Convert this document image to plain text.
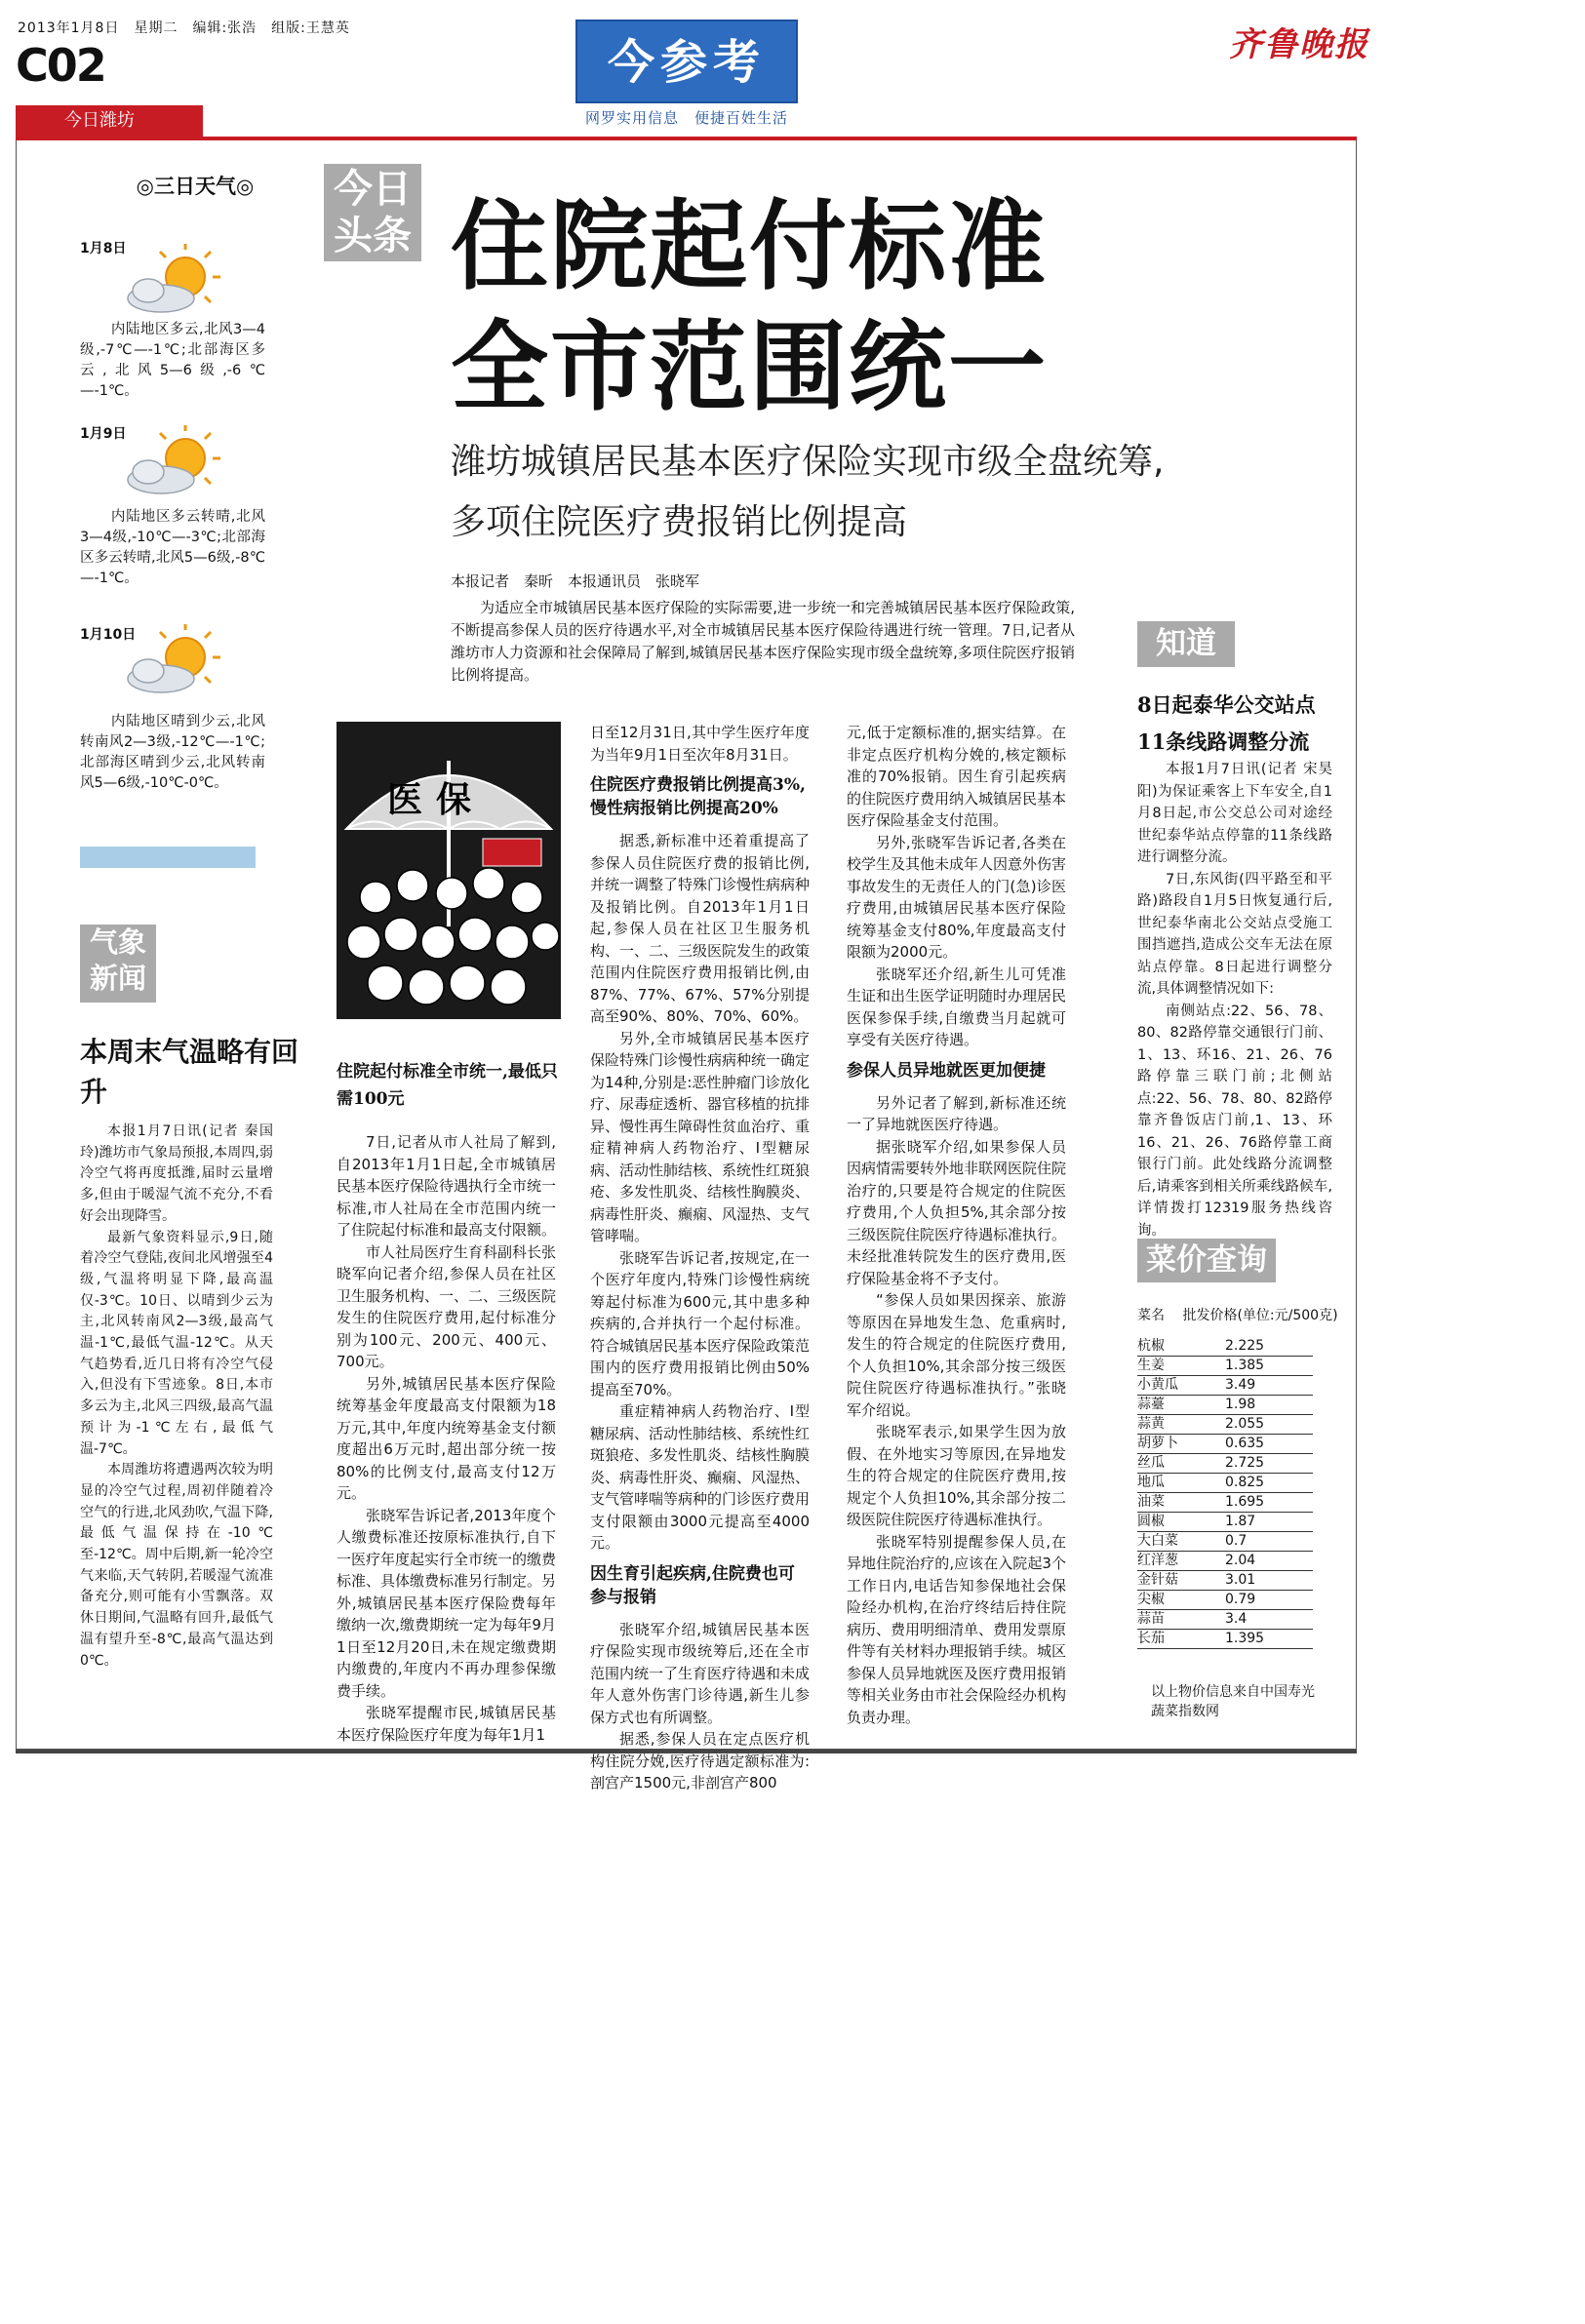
2013年1月8日　星期二　编辑:张浩　组版:王慧英
C02
今日潍坊
今参考
网罗实用信息　便捷百姓生活
齐鲁晚报
◎三日天气◎
1月8日
内陆地区多云,北风3—4级,-7℃—-1℃;北部海区多云,北风5—6级,-6℃—-1℃。
1月9日
内陆地区多云转晴,北风3—4级,-10℃—-3℃;北部海区多云转晴,北风5—6级,-8℃—-1℃。
1月10日
内陆地区晴到少云,北风转南风2—3级,-12℃—-1℃;北部海区晴到少云,北风转南风5—6级,-10℃-0℃。
气象新闻
本周末气温略有回升

本报1月7日讯(记者 秦国玲)潍坊市气象局预报,本周四,弱冷空气将再度抵潍,届时云量增多,但由于暖湿气流不充分,不看好会出现降雪。

最新气象资料显示,9日,随着冷空气登陆,夜间北风增强至4级,气温将明显下降,最高温仅-3℃。10日、以晴到少云为主,北风转南风2—3级,最高气温-1℃,最低气温-12℃。从天气趋势看,近几日将有冷空气侵入,但没有下雪迹象。8日,本市多云为主,北风三四级,最高气温预计为-1℃左右,最低气温-7℃。

本周潍坊将遭遇两次较为明显的冷空气过程,周初伴随着冷空气的行进,北风劲吹,气温下降,最低气温保持在-10℃至-12℃。周中后期,新一轮冷空气来临,天气转阴,若暖湿气流准备充分,则可能有小雪飘落。双休日期间,气温略有回升,最低气温有望升至-8℃,最高气温达到0℃。

今日头条 住院起付标准
全市范围统一
潍坊城镇居民基本医疗保险实现市级全盘统筹,
多项住院医疗费报销比例提高
本报记者　秦昕　本报通讯员　张晓军

为适应全市城镇居民基本医疗保险的实际需要,进一步统一和完善城镇居民基本医疗保险政策,不断提高参保人员的医疗待遇水平,对全市城镇居民基本医疗保险待遇进行统一管理。7日,记者从潍坊市人力资源和社会保障局了解到,城镇居民基本医疗保险实现市级全盘统筹,多项住院医疗报销比例将提高。

医保
住院起付标准全市统一,最低只需100元

7日,记者从市人社局了解到,自2013年1月1日起,全市城镇居民基本医疗保险待遇执行全市统一标准,市人社局在全市范围内统一了住院起付标准和最高支付限额。

市人社局医疗生育科副科长张晓军向记者介绍,参保人员在社区卫生服务机构、一、二、三级医院发生的住院医疗费用,起付标准分别为100元、200元、400元、700元。

另外,城镇居民基本医疗保险统筹基金年度最高支付限额为18万元,其中,年度内统筹基金支付额度超出6万元时,超出部分统一按80%的比例支付,最高支付12万元。

张晓军告诉记者,2013年度个人缴费标准还按原标准执行,自下一医疗年度起实行全市统一的缴费标准、具体缴费标准另行制定。另外,城镇居民基本医疗保险费每年缴纳一次,缴费期统一定为每年9月1日至12月20日,未在规定缴费期内缴费的,年度内不再办理参保缴费手续。

张晓军提醒市民,城镇居民基本医疗保险医疗年度为每年1月1

日至12月31日,其中学生医疗年度为当年9月1日至次年8月31日。

住院医疗费报销比例提高3%,慢性病报销比例提高20%

据悉,新标准中还着重提高了参保人员住院医疗费的报销比例,并统一调整了特殊门诊慢性病病种及报销比例。自2013年1月1日起,参保人员在社区卫生服务机构、一、二、三级医院发生的政策范围内住院医疗费用报销比例,由87%、77%、67%、57%分别提高至90%、80%、70%、60%。

另外,全市城镇居民基本医疗保险特殊门诊慢性病病种统一确定为14种,分别是:恶性肿瘤门诊放化疗、尿毒症透析、器官移植的抗排异、慢性再生障碍性贫血治疗、重症精神病人药物治疗、I型糖尿病、活动性肺结核、系统性红斑狼疮、多发性肌炎、结核性胸膜炎、病毒性肝炎、癫痫、风湿热、支气管哮喘。

张晓军告诉记者,按规定,在一个医疗年度内,特殊门诊慢性病统筹起付标准为600元,其中患多种疾病的,合并执行一个起付标准。符合城镇居民基本医疗保险政策范围内的医疗费用报销比例由50%提高至70%。

重症精神病人药物治疗、I型糖尿病、活动性肺结核、系统性红斑狼疮、多发性肌炎、结核性胸膜炎、病毒性肝炎、癫痫、风湿热、支气管哮喘等病种的门诊医疗费用支付限额由3000元提高至4000元。

因生育引起疾病,住院费也可参与报销

张晓军介绍,城镇居民基本医疗保险实现市级统筹后,还在全市范围内统一了生育医疗待遇和未成年人意外伤害门诊待遇,新生儿参保方式也有所调整。

据悉,参保人员在定点医疗机构住院分娩,医疗待遇定额标准为:剖宫产1500元,非剖宫产800

元,低于定额标准的,据实结算。在非定点医疗机构分娩的,核定额标准的70%报销。因生育引起疾病的住院医疗费用纳入城镇居民基本医疗保险基金支付范围。

另外,张晓军告诉记者,各类在校学生及其他未成年人因意外伤害事故发生的无责任人的门(急)诊医疗费用,由城镇居民基本医疗保险统筹基金支付80%,年度最高支付限额为2000元。

张晓军还介绍,新生儿可凭准生证和出生医学证明随时办理居民医保参保手续,自缴费当月起就可享受有关医疗待遇。

参保人员异地就医更加便捷

另外记者了解到,新标准还统一了异地就医医疗待遇。

据张晓军介绍,如果参保人员因病情需要转外地非联网医院住院治疗的,只要是符合规定的住院医疗费用,个人负担5%,其余部分按三级医院住院医疗待遇标准执行。未经批准转院发生的医疗费用,医疗保险基金将不予支付。

“参保人员如果因探亲、旅游等原因在异地发生急、危重病时,发生的符合规定的住院医疗费用,个人负担10%,其余部分按三级医院住院医疗待遇标准执行。”张晓军介绍说。

张晓军表示,如果学生因为放假、在外地实习等原因,在异地发生的符合规定的住院医疗费用,按规定个人负担10%,其余部分按二级医院住院医疗待遇标准执行。

张晓军特别提醒参保人员,在异地住院治疗的,应该在入院起3个工作日内,电话告知参保地社会保险经办机构,在治疗终结后持住院病历、费用明细清单、费用发票原件等有关材料办理报销手续。城区参保人员异地就医及医疗费用报销等相关业务由市社会保险经办机构负责办理。

知道
8日起泰华公交站点11条线路调整分流

本报1月7日讯(记者 宋昊阳)为保证乘客上下车安全,自1月8日起,市公交总公司对途经世纪泰华站点停靠的11条线路进行调整分流。

7日,东风街(四平路至和平路)路段自1月5日恢复通行后,世纪泰华南北公交站点受施工围挡遮挡,造成公交车无法在原站点停靠。8日起进行调整分流,具体调整情况如下:

南侧站点:22、56、78、80、82路停靠交通银行门前、1、13、环16、21、26、76路停靠三联门前;北侧站点:22、56、78、80、82路停靠齐鲁饭店门前,1、13、环16、21、26、76路停靠工商银行门前。此处线路分流调整后,请乘客到相关所乘线路候车,详情拨打12319服务热线咨询。

菜价查询
菜名 批发价格(单位:元/500克)
杭椒	2.225
生姜	1.385
小黄瓜	3.49
蒜薹	1.98
蒜黄	2.055
胡萝卜	0.635
丝瓜	2.725
地瓜	0.825
油菜	1.695
圆椒	1.87
大白菜	0.7
红洋葱	2.04
金针菇	3.01
尖椒	0.79
蒜苗	3.4
长茄	1.395
以上物价信息来自中国寿光蔬菜指数网
